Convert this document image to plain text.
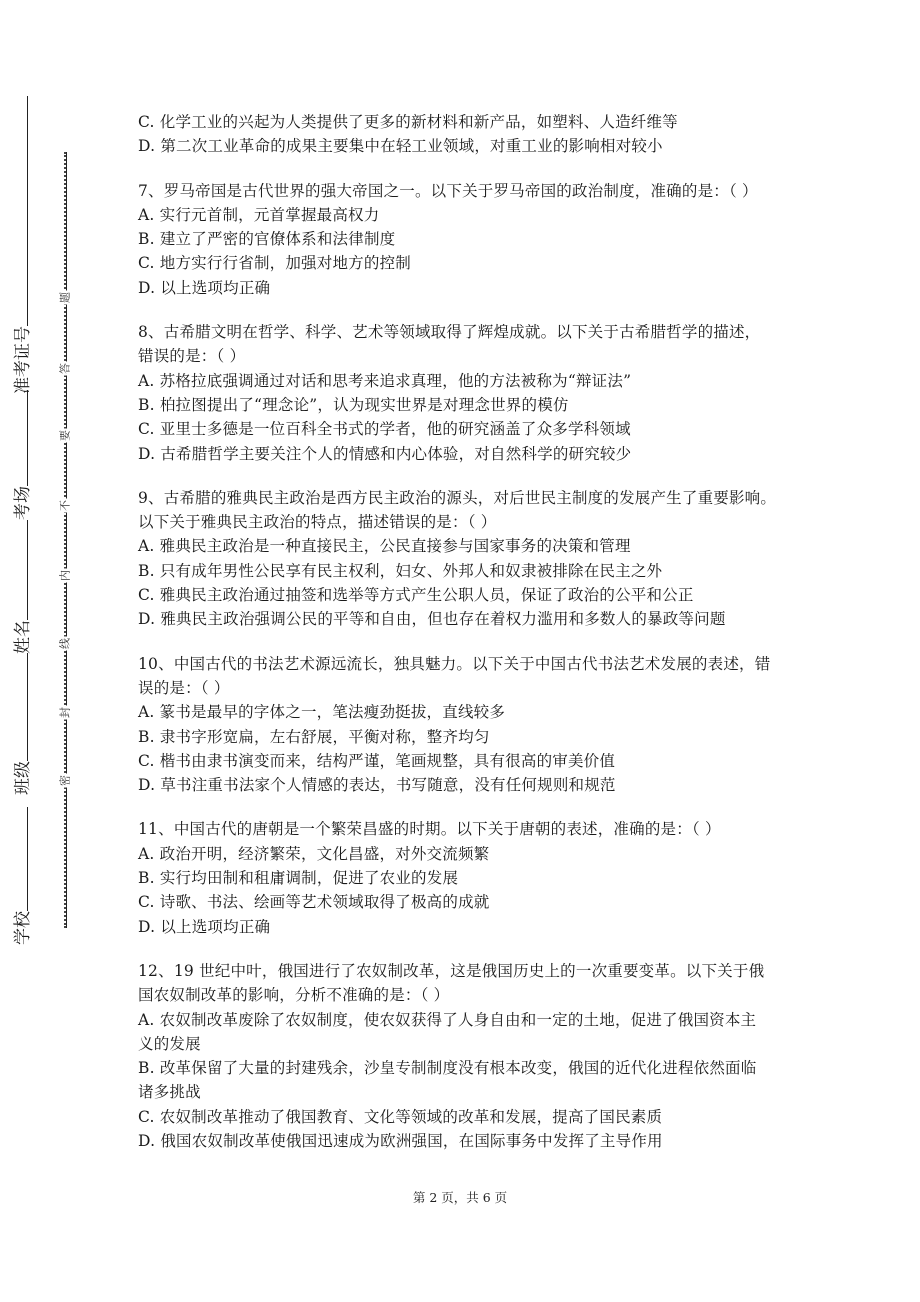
题
答
要
不
内
线
封
密
学校
班级
姓名
考场
准考证号
C. 化学工业的兴起为人类提供了更多的新材料和新产品，如塑料、人造纤维等
D. 第二次工业革命的成果主要集中在轻工业领域，对重工业的影响相对较小
7、罗马帝国是古代世界的强大帝国之一。以下关于罗马帝国的政治制度，准确的是：（ ）
A. 实行元首制，元首掌握最高权力
B. 建立了严密的官僚体系和法律制度
C. 地方实行行省制，加强对地方的控制
D. 以上选项均正确
8、古希腊文明在哲学、科学、艺术等领域取得了辉煌成就。以下关于古希腊哲学的描述，
错误的是：（ ）
A. 苏格拉底强调通过对话和思考来追求真理，他的方法被称为“辩证法”
B. 柏拉图提出了“理念论”，认为现实世界是对理念世界的模仿
C. 亚里士多德是一位百科全书式的学者，他的研究涵盖了众多学科领域
D. 古希腊哲学主要关注个人的情感和内心体验，对自然科学的研究较少
9、古希腊的雅典民主政治是西方民主政治的源头，对后世民主制度的发展产生了重要影响。
以下关于雅典民主政治的特点，描述错误的是：（ ）
A. 雅典民主政治是一种直接民主，公民直接参与国家事务的决策和管理
B. 只有成年男性公民享有民主权利，妇女、外邦人和奴隶被排除在民主之外
C. 雅典民主政治通过抽签和选举等方式产生公职人员，保证了政治的公平和公正
D. 雅典民主政治强调公民的平等和自由，但也存在着权力滥用和多数人的暴政等问题
10、中国古代的书法艺术源远流长，独具魅力。以下关于中国古代书法艺术发展的表述，错
误的是：（ ）
A. 篆书是最早的字体之一，笔法瘦劲挺拔，直线较多
B. 隶书字形宽扁，左右舒展，平衡对称，整齐均匀
C. 楷书由隶书演变而来，结构严谨，笔画规整，具有很高的审美价值
D. 草书注重书法家个人情感的表达，书写随意，没有任何规则和规范
11、中国古代的唐朝是一个繁荣昌盛的时期。以下关于唐朝的表述，准确的是：（ ）
A. 政治开明，经济繁荣，文化昌盛，对外交流频繁
B. 实行均田制和租庸调制，促进了农业的发展
C. 诗歌、书法、绘画等艺术领域取得了极高的成就
D. 以上选项均正确
12、19 世纪中叶，俄国进行了农奴制改革，这是俄国历史上的一次重要变革。以下关于俄
国农奴制改革的影响，分析不准确的是：（ ）
A. 农奴制改革废除了农奴制度，使农奴获得了人身自由和一定的土地，促进了俄国资本主
义的发展
B. 改革保留了大量的封建残余，沙皇专制制度没有根本改变，俄国的近代化进程依然面临
诸多挑战
C. 农奴制改革推动了俄国教育、文化等领域的改革和发展，提高了国民素质
D. 俄国农奴制改革使俄国迅速成为欧洲强国，在国际事务中发挥了主导作用
第 2 页，共 6 页
